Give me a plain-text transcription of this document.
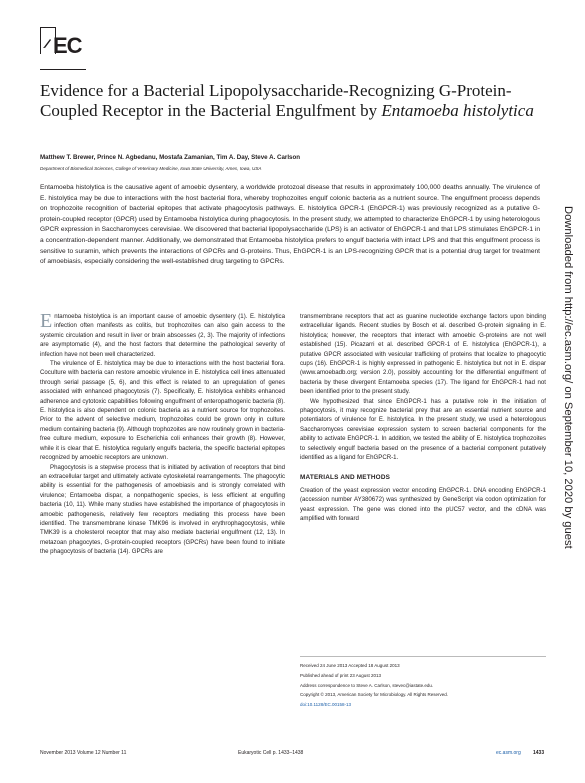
EC
Evidence for a Bacterial Lipopolysaccharide-Recognizing G-Protein-Coupled Receptor in the Bacterial Engulfment by Entamoeba histolytica
Matthew T. Brewer, Prince N. Agbedanu, Mostafa Zamanian, Tim A. Day, Steve A. Carlson
Department of Biomedical Sciences, College of Veterinary Medicine, Iowa State University, Ames, Iowa, USA
Entamoeba histolytica is the causative agent of amoebic dysentery, a worldwide protozoal disease that results in approximately 100,000 deaths annually. The virulence of E. histolytica may be due to interactions with the host bacterial flora, whereby trophozoites engulf colonic bacteria as a nutrient source. The engulfment process depends on trophozoite recognition of bacterial epitopes that activate phagocytosis pathways. E. histolytica GPCR-1 (EhGPCR-1) was previously recognized as a putative G-protein-coupled receptor (GPCR) used by Entamoeba histolytica during phagocytosis. In the present study, we attempted to characterize EhGPCR-1 by using heterologous GPCR expression in Saccharomyces cerevisiae. We discovered that bacterial lipopolysaccharide (LPS) is an activator of EhGPCR-1 and that LPS stimulates EhGPCR-1 in a concentration-dependent manner. Additionally, we demonstrated that Entamoeba histolytica prefers to engulf bacteria with intact LPS and that this engulfment process is sensitive to suramin, which prevents the interactions of GPCRs and G-proteins. Thus, EhGPCR-1 is an LPS-recognizing GPCR that is a potential drug target for treatment of amoebiasis, especially considering the well-established drug targeting to GPCRs.	Downloaded from http://ec.asm.org/ on September 10, 2020 by guest

Entamoeba histolytica is an important cause of amoebic dysentery (1). E. histolytica infection often manifests as colitis, but trophozoites can also gain access to the systemic circulation and result in liver or brain abscesses (2, 3). The majority of infections are asymptomatic (4), and the host factors that determine the pathological severity of infection have not been well characterized.

The virulence of E. histolytica may be due to interactions with the host bacterial flora. Coculture with bacteria can restore amoebic virulence in E. histolytica cell lines attenuated through serial passage (5, 6), and this effect is related to an upregulation of genes associated with enhanced phagocytosis (7). Specifically, E. histolytica exhibits enhanced adherence and cytotoxic capabilities following engulfment of enteropathogenic bacteria (8). E. histolytica is also dependent on colonic bacteria as a nutrient source for trophozoites. Prior to the advent of selective medium, trophozoites could be grown only in culture medium containing bacteria (9). Although trophozoites are now routinely grown in bacteria-free culture medium, exposure to Escherichia coli enhances their growth (8). However, while it is clear that E. histolytica regularly engulfs bacteria, the specific bacterial epitopes recognized by amoebic receptors are unknown.

Phagocytosis is a stepwise process that is initiated by activation of receptors that bind an extracellular target and ultimately activate cytoskeletal rearrangements. The phagocytic ability is essential for the pathogenesis of amoebiasis and is strongly correlated with virulence; Entamoeba dispar, a nonpathogenic species, is less efficient at engulfing bacteria (10, 11). While many studies have established the importance of phagocytosis in amoebic pathogenesis, relatively few receptors mediating this process have been identified. The transmembrane kinase TMK96 is involved in erythrophagocytosis, while TMK39 is a cholesterol receptor that may also mediate bacterial engulfment (12, 13). In metazoan phagocytes, G-protein-coupled receptors (GPCRs) have been found to initiate the phagocytosis of bacteria (14). GPCRs are

transmembrane receptors that act as guanine nucleotide exchange factors upon binding extracellular ligands. Recent studies by Bosch et al. described G-protein signaling in E. histolytica; however, the receptors that interact with amoebic G-proteins are not well established (15). Picazarri et al. described GPCR-1 of E. histolytica (EhGPCR-1), a putative GPCR associated with vesicular trafficking of proteins that localize to phagocytic cups (16). EhGPCR-1 is highly expressed in pathogenic E. histolytica but not in E. dispar (www.amoebadb.org; version 2.0), possibly accounting for the differential engulfment of bacteria by these divergent Entamoeba species (17). The ligand for EhGPCR-1 had not been identified prior to the present study.

We hypothesized that since EhGPCR-1 has a putative role in the initiation of phagocytosis, it may recognize bacterial prey that are an essential nutrient source and potentiators of virulence for E. histolytica. In the present study, we used a heterologous Saccharomyces cerevisiae expression system to screen bacterial components for the ability to activate EhGPCR-1. In addition, we tested the ability of E. histolytica trophozoites to selectively engulf bacteria based on the presence of a bacterial component putatively identified as a ligand for EhGPCR-1.

MATERIALS AND METHODS

Creation of the yeast expression vector encoding EhGPCR-1. DNA encoding EhGPCR-1 (accession number AY380672) was synthesized by GeneScript via codon optimization for yeast expression. The gene was cloned into the pUC57 vector, and the cDNA was amplified with forward

Received 24 June 2013 Accepted 18 August 2013
Published ahead of print 23 August 2013
Address correspondence to Steve A. Carlson, stevec@iastate.edu.
Copyright © 2013, American Society for Microbiology. All Rights Reserved.
doi:10.1128/EC.00158-13
November 2013 Volume 12 Number 11	Eukaryotic Cell p. 1433–1438	ec.asm.org 1433
